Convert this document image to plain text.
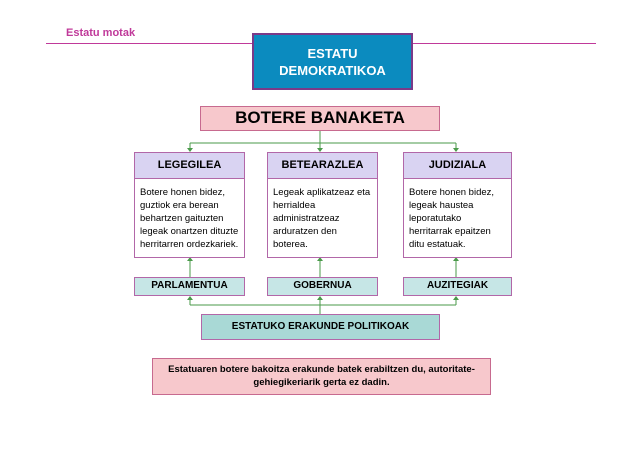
Estatu motak
ESTATU DEMOKRATIKOA
BOTERE BANAKETA
LEGEGILEA
Botere honen bidez, guztiok era berean behartzen gaituzten legeak onartzen dituzte herritarren ordezkariek.
BETEARAZLEA
Legeak aplikatzeaz eta herrialdea administratzeaz arduratzen den boterea.
JUDIZIALA
Botere honen bidez, legeak haustea leporatutako herritarrak epaitzen ditu estatuak.
PARLAMENTUA	GOBERNUA	AUZITEGIAK
ESTATUKO ERAKUNDE POLITIKOAK
Estatuaren botere bakoitza erakunde batek erabiltzen du, autoritate-gehiegikeriarik gerta ez dadin.
